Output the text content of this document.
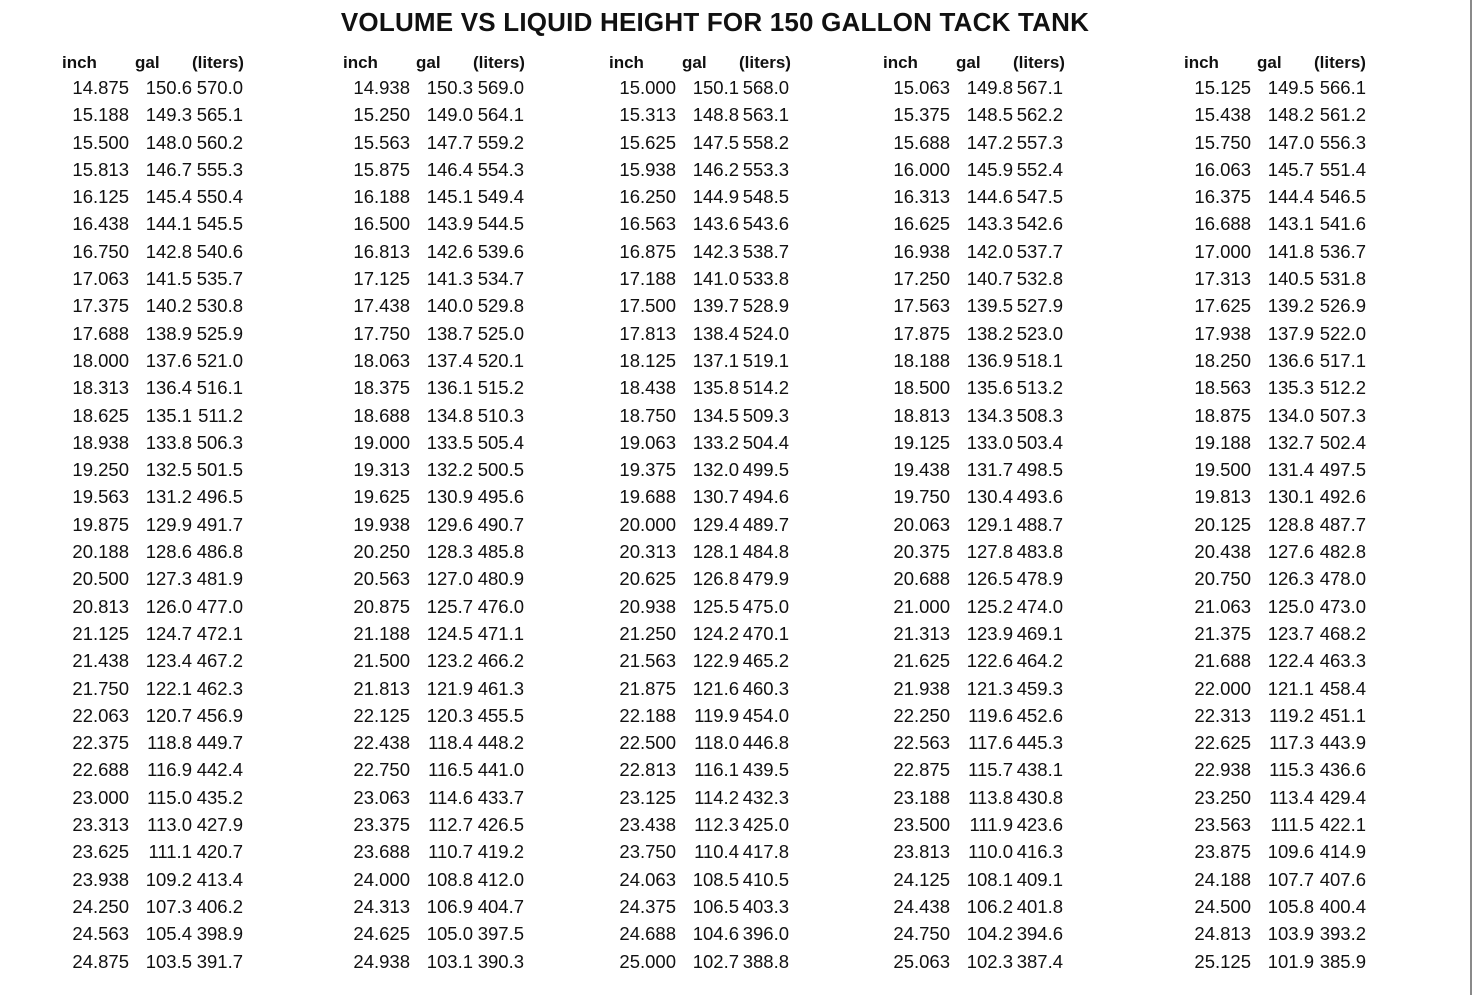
VOLUME VS LIQUID HEIGHT FOR 150 GALLON TACK TANK
inch gal (liters)
14.875 150.6 570.0
15.188 149.3 565.1
15.500 148.0 560.2
15.813 146.7 555.3
16.125 145.4 550.4
16.438 144.1 545.5
16.750 142.8 540.6
17.063 141.5 535.7
17.375 140.2 530.8
17.688 138.9 525.9
18.000 137.6 521.0
18.313 136.4 516.1
18.625 135.1 511.2
18.938 133.8 506.3
19.250 132.5 501.5
19.563 131.2 496.5
19.875 129.9 491.7
20.188 128.6 486.8
20.500 127.3 481.9
20.813 126.0 477.0
21.125 124.7 472.1
21.438 123.4 467.2
21.750 122.1 462.3
22.063 120.7 456.9
22.375 118.8 449.7
22.688 116.9 442.4
23.000 115.0 435.2
23.313 113.0 427.9
23.625 111.1 420.7
23.938 109.2 413.4
24.250 107.3 406.2
24.563 105.4 398.9
24.875 103.5 391.7
inch gal (liters)
14.938 150.3 569.0
15.250 149.0 564.1
15.563 147.7 559.2
15.875 146.4 554.3
16.188 145.1 549.4
16.500 143.9 544.5
16.813 142.6 539.6
17.125 141.3 534.7
17.438 140.0 529.8
17.750 138.7 525.0
18.063 137.4 520.1
18.375 136.1 515.2
18.688 134.8 510.3
19.000 133.5 505.4
19.313 132.2 500.5
19.625 130.9 495.6
19.938 129.6 490.7
20.250 128.3 485.8
20.563 127.0 480.9
20.875 125.7 476.0
21.188 124.5 471.1
21.500 123.2 466.2
21.813 121.9 461.3
22.125 120.3 455.5
22.438 118.4 448.2
22.750 116.5 441.0
23.063 114.6 433.7
23.375 112.7 426.5
23.688 110.7 419.2
24.000 108.8 412.0
24.313 106.9 404.7
24.625 105.0 397.5
24.938 103.1 390.3
inch gal (liters)
15.000 150.1 568.0
15.313 148.8 563.1
15.625 147.5 558.2
15.938 146.2 553.3
16.250 144.9 548.5
16.563 143.6 543.6
16.875 142.3 538.7
17.188 141.0 533.8
17.500 139.7 528.9
17.813 138.4 524.0
18.125 137.1 519.1
18.438 135.8 514.2
18.750 134.5 509.3
19.063 133.2 504.4
19.375 132.0 499.5
19.688 130.7 494.6
20.000 129.4 489.7
20.313 128.1 484.8
20.625 126.8 479.9
20.938 125.5 475.0
21.250 124.2 470.1
21.563 122.9 465.2
21.875 121.6 460.3
22.188 119.9 454.0
22.500 118.0 446.8
22.813 116.1 439.5
23.125 114.2 432.3
23.438 112.3 425.0
23.750 110.4 417.8
24.063 108.5 410.5
24.375 106.5 403.3
24.688 104.6 396.0
25.000 102.7 388.8
inch gal (liters)
15.063 149.8 567.1
15.375 148.5 562.2
15.688 147.2 557.3
16.000 145.9 552.4
16.313 144.6 547.5
16.625 143.3 542.6
16.938 142.0 537.7
17.250 140.7 532.8
17.563 139.5 527.9
17.875 138.2 523.0
18.188 136.9 518.1
18.500 135.6 513.2
18.813 134.3 508.3
19.125 133.0 503.4
19.438 131.7 498.5
19.750 130.4 493.6
20.063 129.1 488.7
20.375 127.8 483.8
20.688 126.5 478.9
21.000 125.2 474.0
21.313 123.9 469.1
21.625 122.6 464.2
21.938 121.3 459.3
22.250 119.6 452.6
22.563 117.6 445.3
22.875 115.7 438.1
23.188 113.8 430.8
23.500 111.9 423.6
23.813 110.0 416.3
24.125 108.1 409.1
24.438 106.2 401.8
24.750 104.2 394.6
25.063 102.3 387.4
inch gal (liters)
15.125 149.5 566.1
15.438 148.2 561.2
15.750 147.0 556.3
16.063 145.7 551.4
16.375 144.4 546.5
16.688 143.1 541.6
17.000 141.8 536.7
17.313 140.5 531.8
17.625 139.2 526.9
17.938 137.9 522.0
18.250 136.6 517.1
18.563 135.3 512.2
18.875 134.0 507.3
19.188 132.7 502.4
19.500 131.4 497.5
19.813 130.1 492.6
20.125 128.8 487.7
20.438 127.6 482.8
20.750 126.3 478.0
21.063 125.0 473.0
21.375 123.7 468.2
21.688 122.4 463.3
22.000 121.1 458.4
22.313 119.2 451.1
22.625 117.3 443.9
22.938 115.3 436.6
23.250 113.4 429.4
23.563 111.5 422.1
23.875 109.6 414.9
24.188 107.7 407.6
24.500 105.8 400.4
24.813 103.9 393.2
25.125 101.9 385.9
